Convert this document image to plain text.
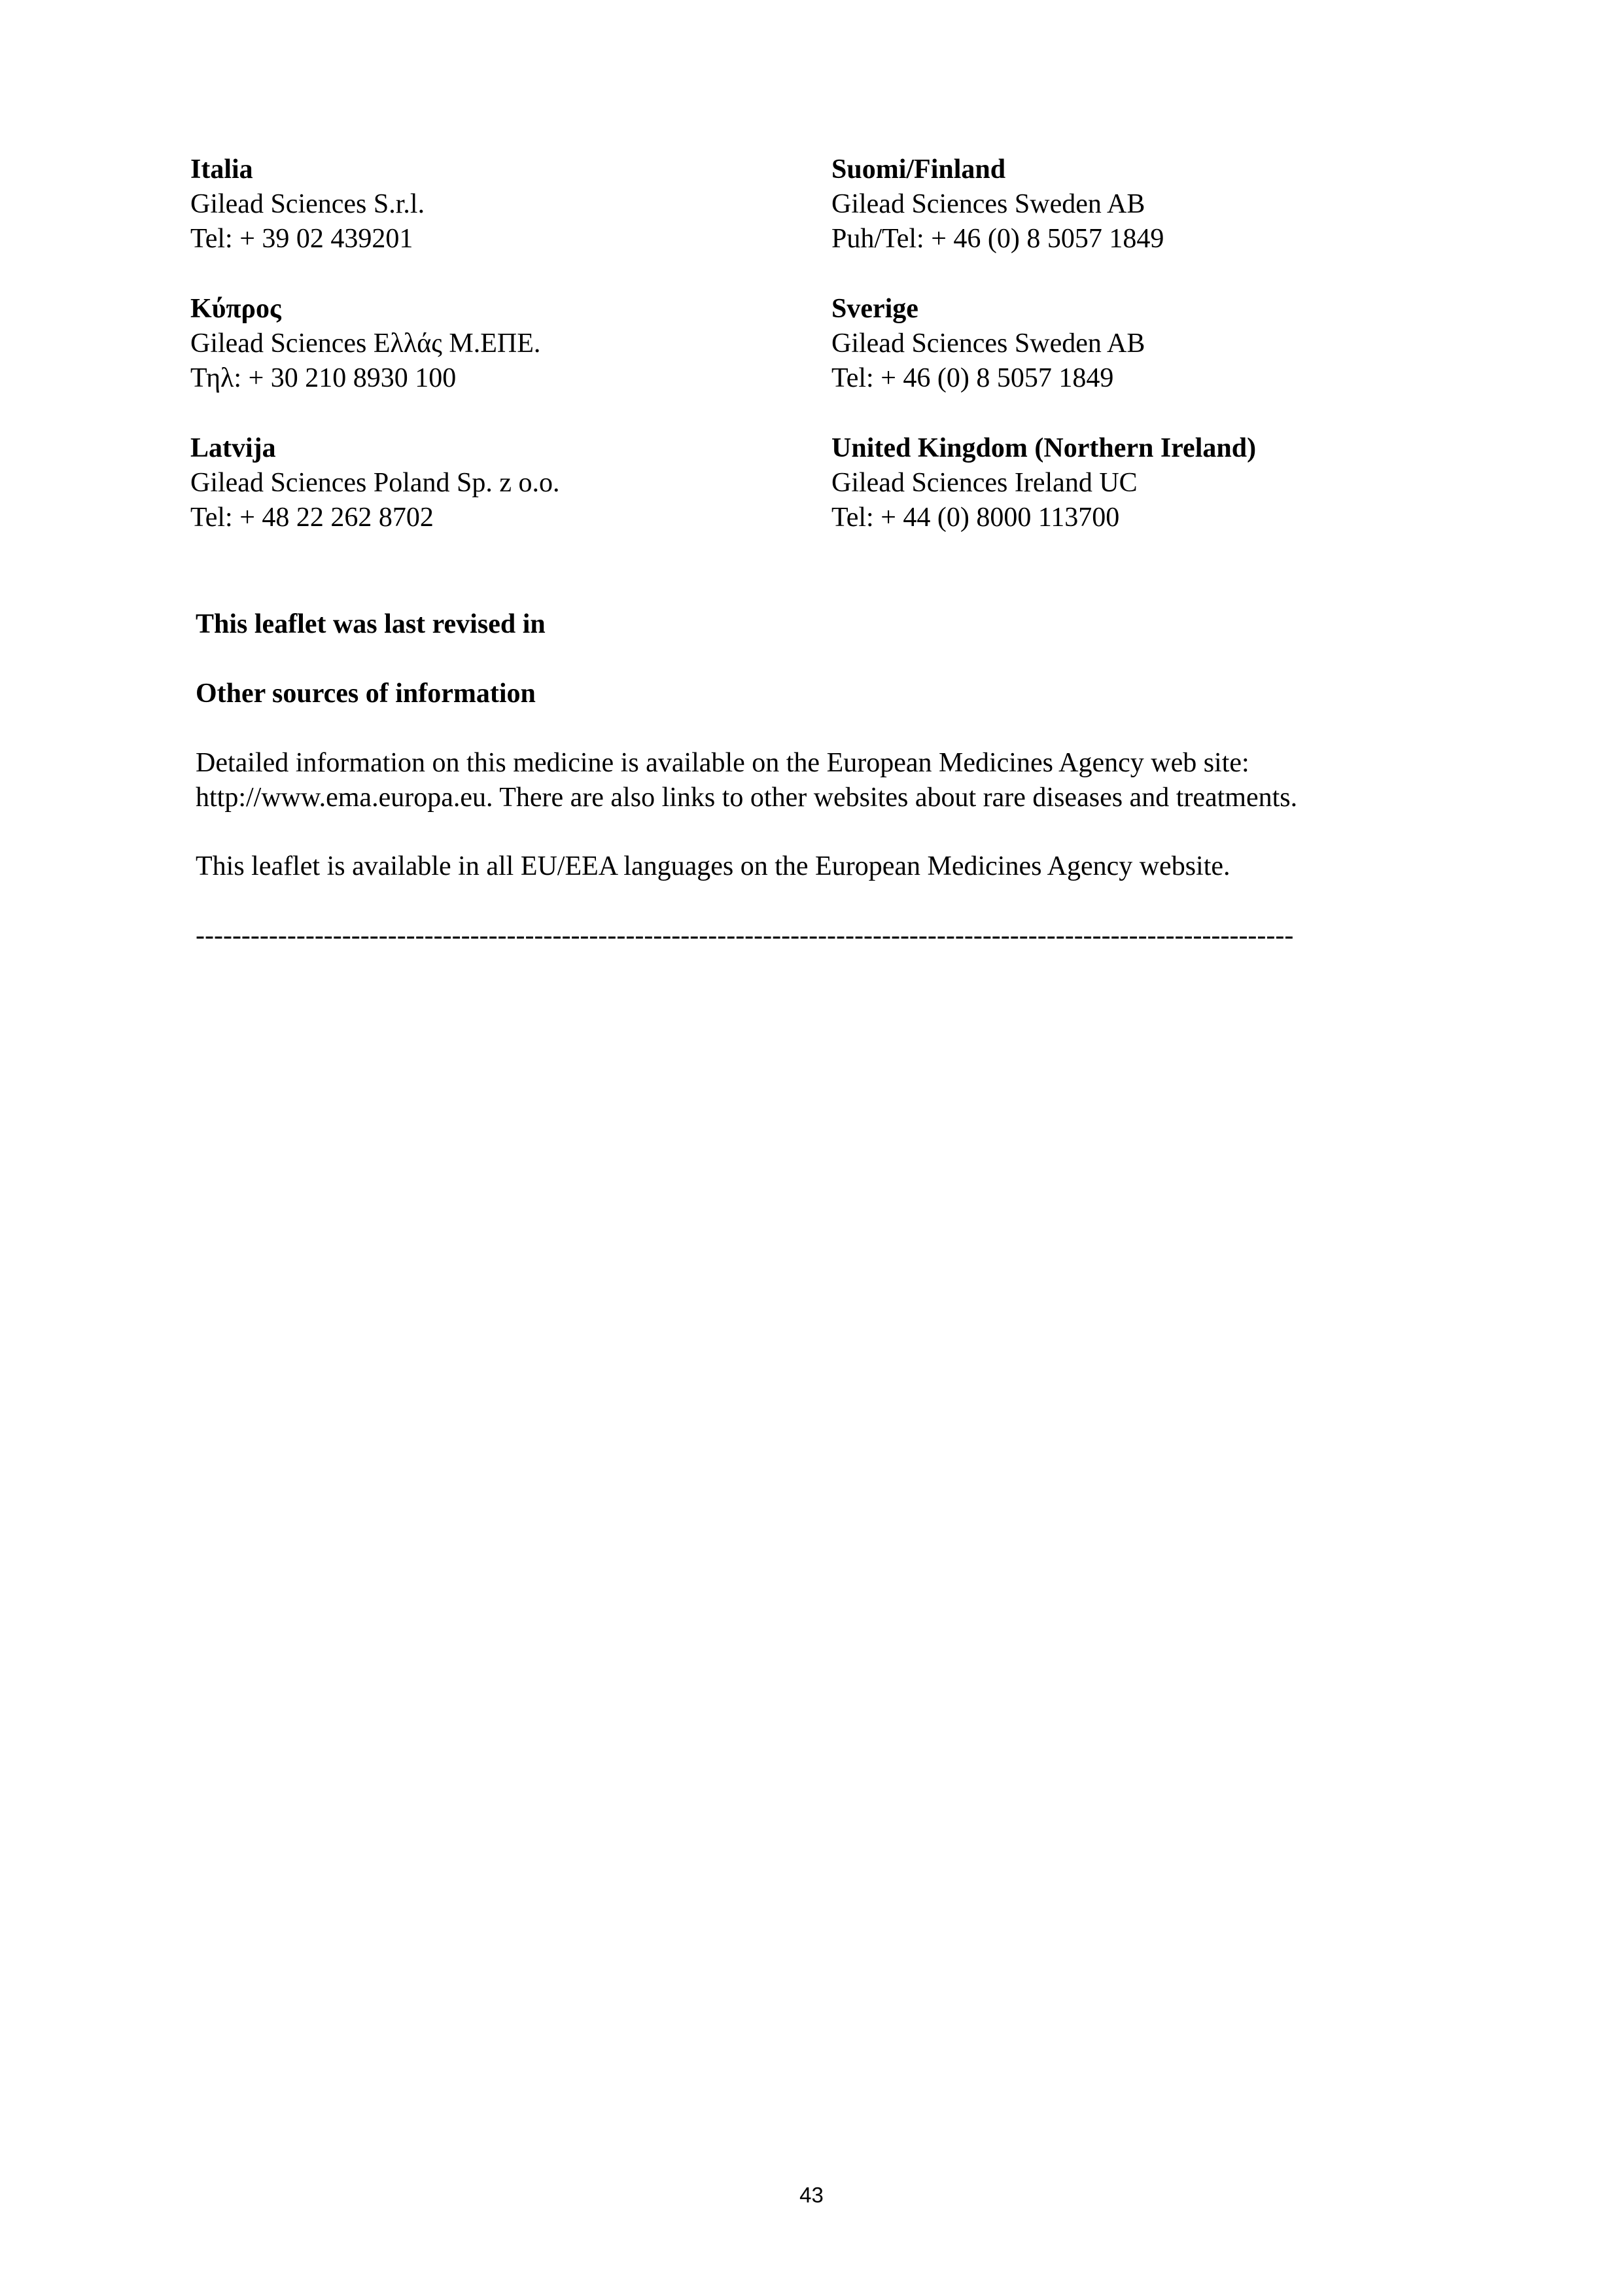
Italia
Gilead Sciences S.r.l.
Tel: + 39 02 439201
Suomi/Finland
Gilead Sciences Sweden AB
Puh/Tel: + 46 (0) 8 5057 1849
Κύπρος
Gilead Sciences Ελλάς Μ.ΕΠΕ.
Τηλ: + 30 210 8930 100
Sverige
Gilead Sciences Sweden AB
Tel: + 46 (0) 8 5057 1849
Latvija
Gilead Sciences Poland Sp. z o.o.
Tel: + 48 22 262 8702
United Kingdom (Northern Ireland)
Gilead Sciences Ireland UC
Tel: + 44 (0) 8000 113700
This leaflet was last revised in
Other sources of information
Detailed information on this medicine is available on the European Medicines Agency web site:
http://www.ema.europa.eu. There are also links to other websites about rare diseases and treatments.
This leaflet is available in all EU/EEA languages on the European Medicines Agency website.
------------------------------------------------------------------------------------------------------------------------
43
